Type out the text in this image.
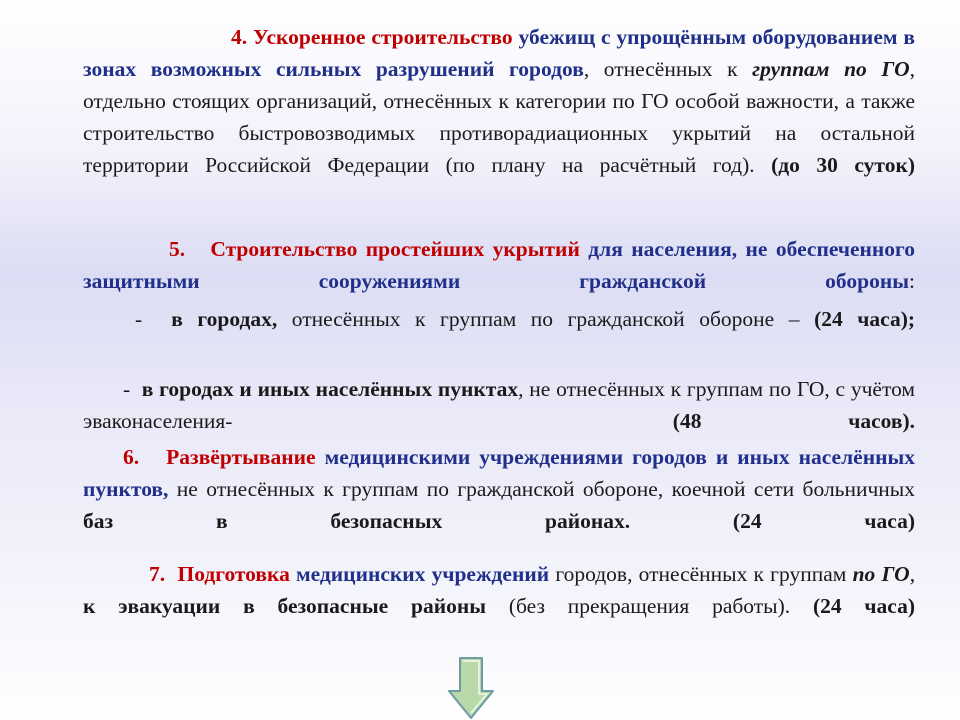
4. Ускоренное строительство убежищ с упрощённым оборудованием в зонах возможных сильных разрушений городов, отнесённых к группам по ГО, отдельно стоящих организаций, отнесённых к категории по ГО особой важности, а также строительство быстровозводимых противорадиационных укрытий на остальной территории Российской Федерации (по плану на расчётный год). (до 30 суток)
5. Строительство простейших укрытий для населения, не обеспеченного защитными сооружениями гражданской обороны:
- в городах, отнесённых к группам по гражданской обороне – (24 часа);
- в городах и иных населённых пунктах, не отнесённых к группам по ГО, с учётом эваконаселения-	(48 часов).
6. Развёртывание медицинскими учреждениями городов и иных населённых пунктов, не отнесённых к группам по гражданской обороне, коечной сети больничных баз в безопасных районах. (24 часа)
7. Подготовка медицинских учреждений городов, отнесённых к группам по ГО, к эвакуации в безопасные районы (без прекращения работы). (24 часа)
